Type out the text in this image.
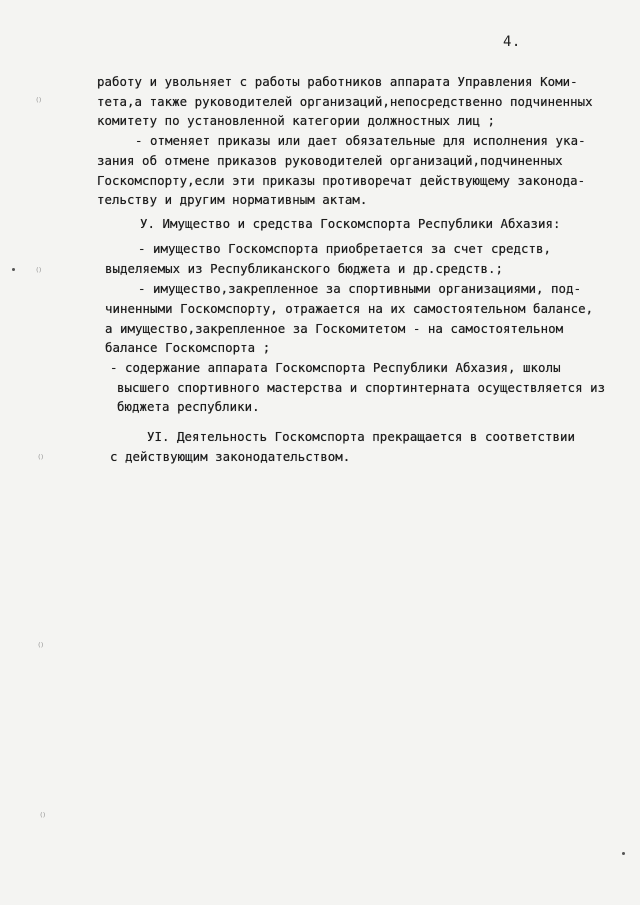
4.
работу и увольняет с работы работников аппарата Управления Коми-
тета,а также руководителей организаций,непосредственно подчиненных
комитету по установленной категории должностных лиц ;
- отменяет приказы или дает обязательные для исполнения ука-
зания об отмене приказов руководителей организаций,подчиненных
Госкомспорту,если эти приказы противоречат действующему законода-
тельству и другим нормативным актам.
У. Имущество и средства Госкомспорта Республики Абхазия:
- имущество Госкомспорта приобретается за счет средств,
выделяемых из Республиканского бюджета и др.средств.;
- имущество,закрепленное за спортивными организациями, под-
чиненными Госкомспорту, отражается на их самостоятельном балансе,
а имущество,закрепленное за Госкомитетом - на самостоятельном
балансе Госкомспорта ;
- содержание аппарата Госкомспорта Республики Абхазия, школы
высшего спортивного мастерства и спортинтерната осуществляется из
бюджета республики.
УI. Деятельность Госкомспорта прекращается в соответствии
с действующим законодательством.
⁽⁾
⁽⁾
⁽⁾
⁽⁾
⁽⁾
